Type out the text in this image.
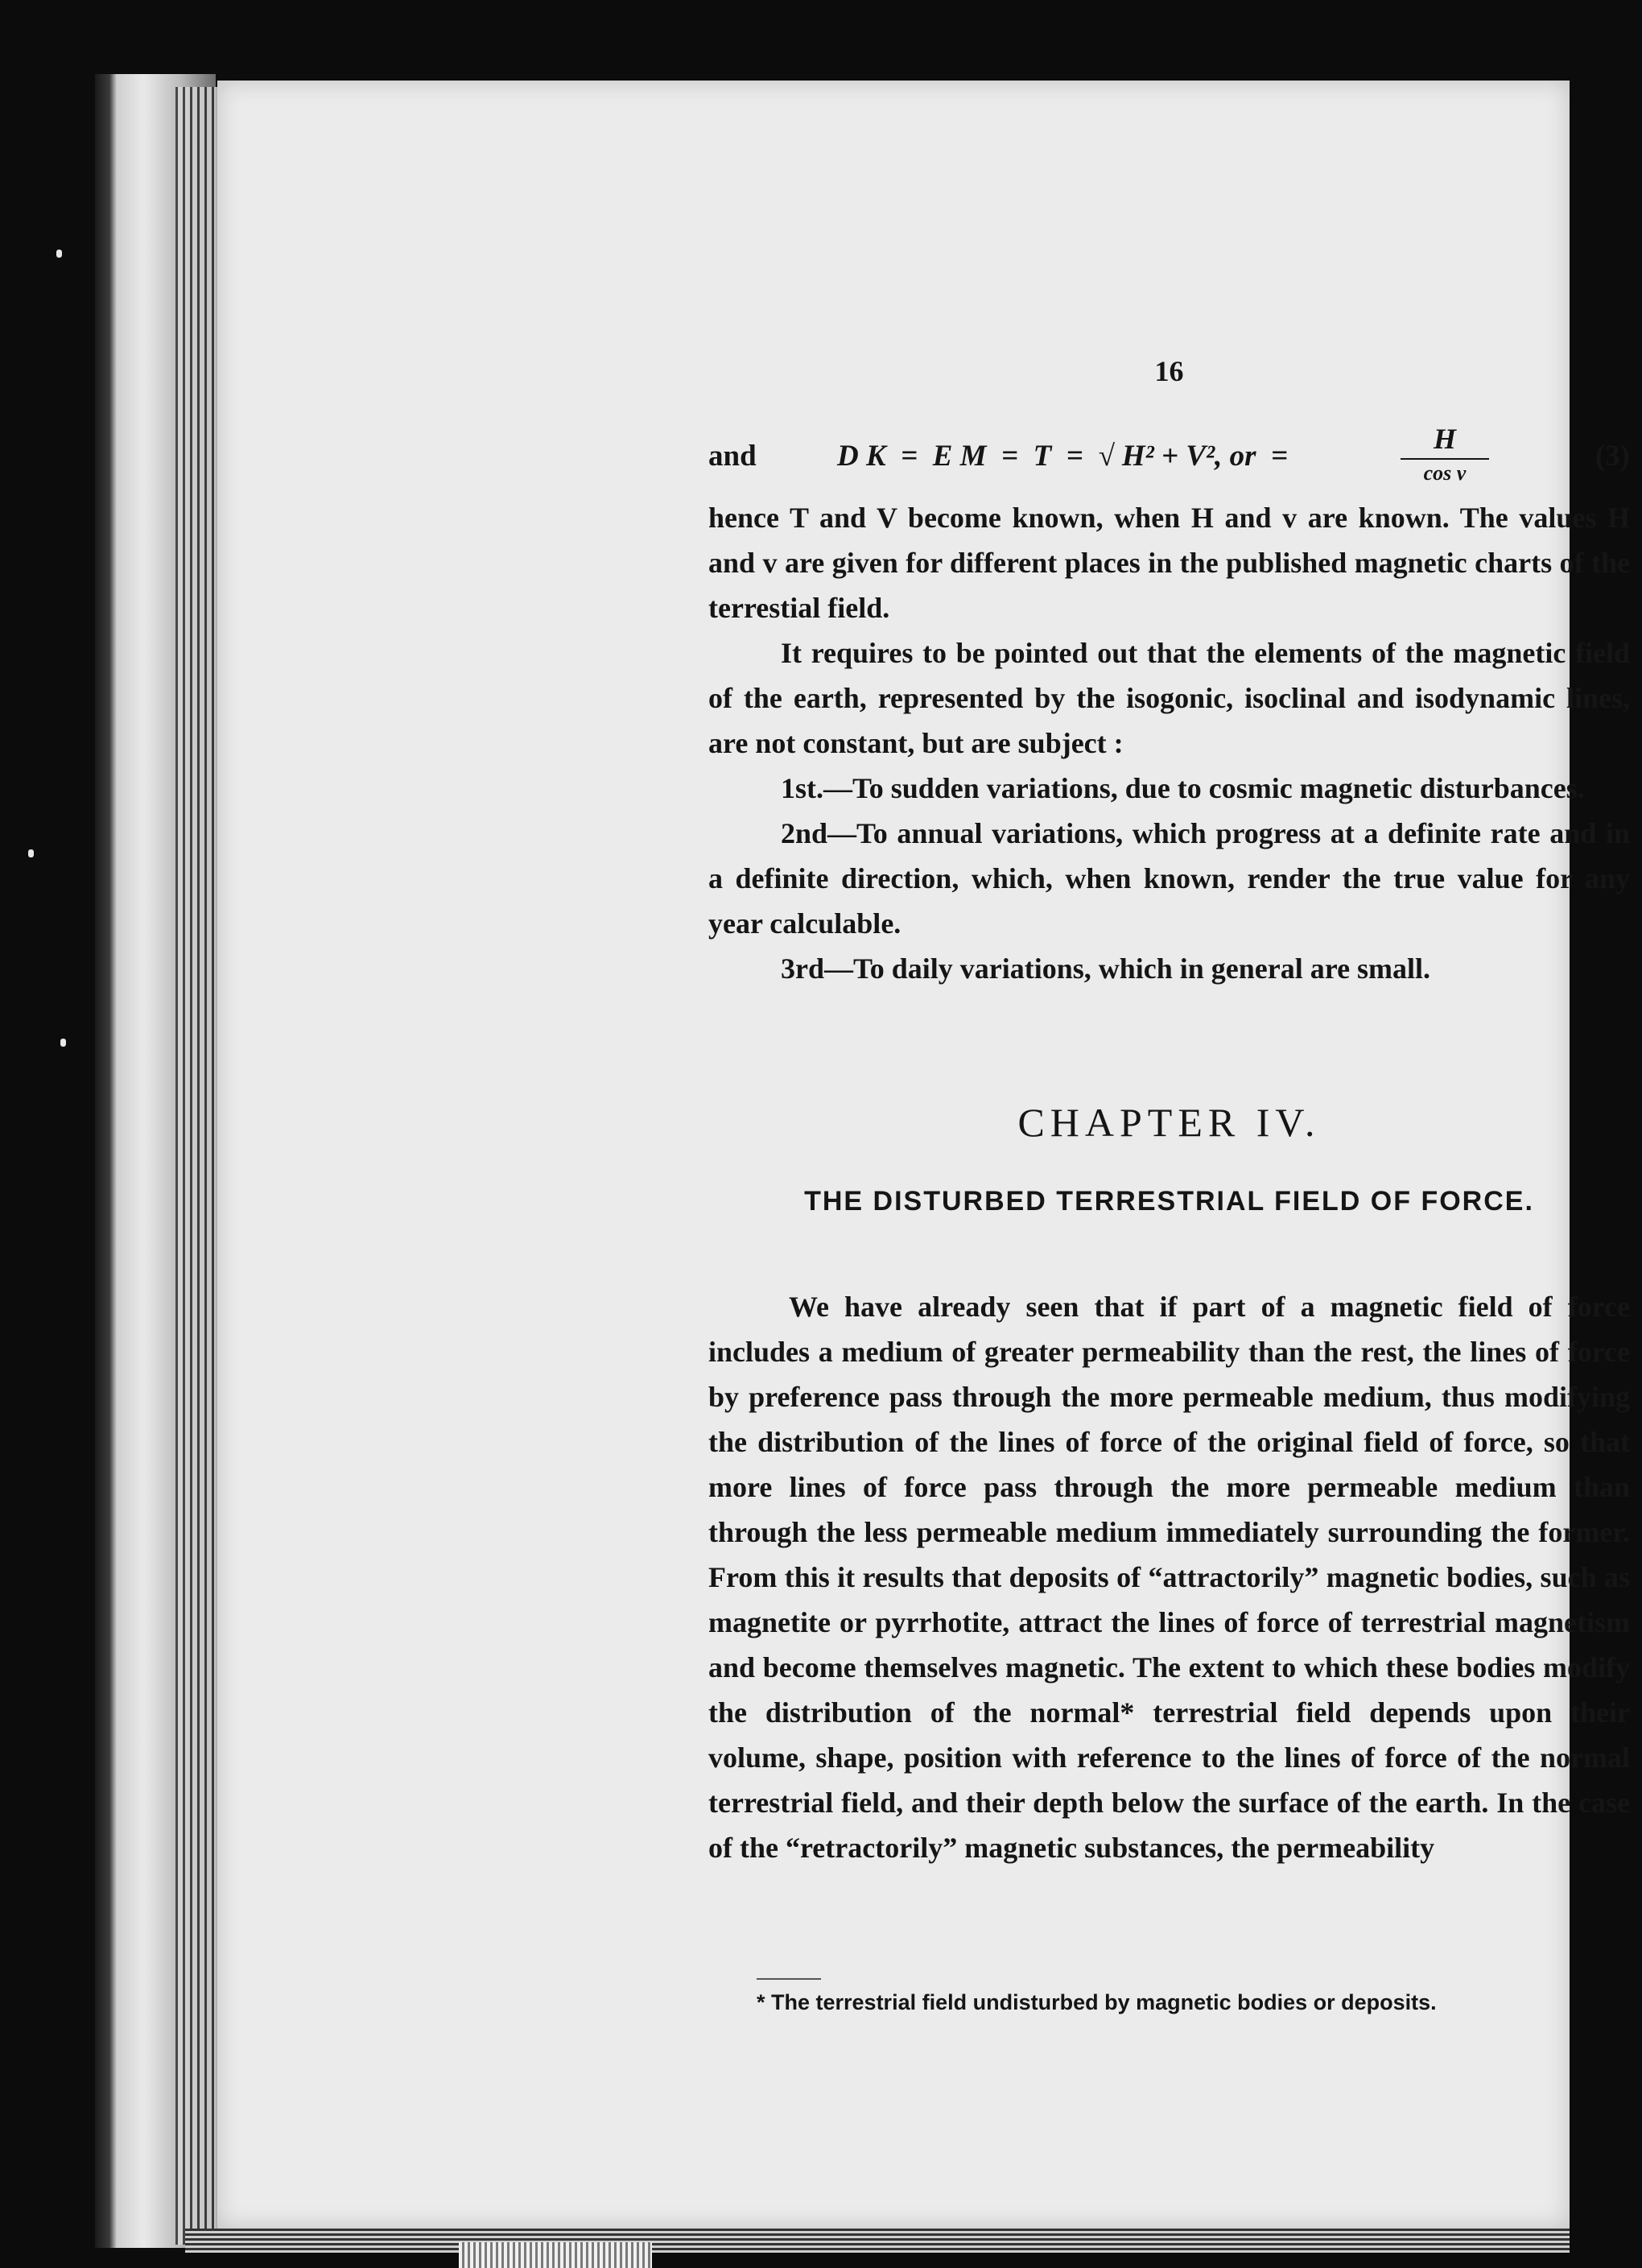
16
and	D K  =  E M  =  T  =  √ H² + V², or  =
H
cos v
(3)

hence T and V become known, when H and v are known. The values H and v are given for different places in the published magnetic charts of the terrestial field.

It requires to be pointed out that the elements of the magnetic field of the earth, represented by the isogonic, isoclinal and isodynamic lines, are not constant, but are subject :

1st.—To sudden variations, due to cosmic magnetic disturbances.

2nd—To annual variations, which progress at a definite rate and in a definite direction, which, when known, render the true value for any year calculable.

3rd—To daily variations, which in general are small.

CHAPTER IV.
THE DISTURBED TERRESTRIAL FIELD OF FORCE.

We have already seen that if part of a magnetic field of force includes a medium of greater permeability than the rest, the lines of force by preference pass through the more permeable medium, thus modifying the distribution of the lines of force of the original field of force, so that more lines of force pass through the more permeable medium than through the less permeable medium immediately surrounding the former. From this it results that deposits of “attractorily” magnetic bodies, such as magnetite or pyrrhotite, attract the lines of force of terrestrial magnetism and become themselves magnetic. The extent to which these bodies modify the distribution of the normal* terrestrial field depends upon their volume, shape, position with reference to the lines of force of the normal terrestrial field, and their depth below the surface of the earth. In the case of the “retractorily” magnetic substances, the permeability

* The terrestrial field undisturbed by magnetic bodies or deposits.
